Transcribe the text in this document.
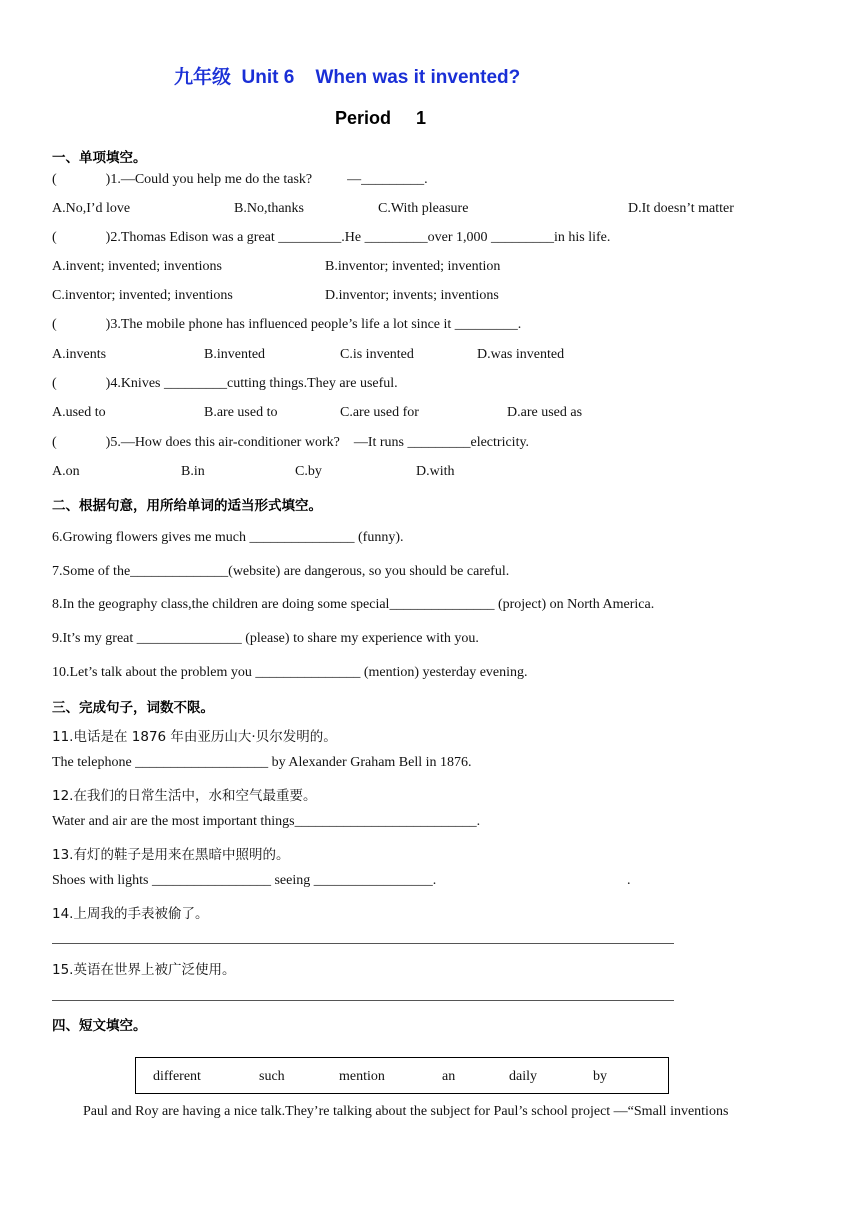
九年级  Unit 6    When was it invented?
Period     1
一、单项填空。
(              )1.—Could you help me do the task?          —_________.
A.No,I’d love	B.No,thanks	C.With pleasure	D.It doesn’t matter
(              )2.Thomas Edison was a great _________.He _________over 1,000 _________in his life.
A.invent; invented; inventions	B.inventor; invented; invention
C.inventor; invented; inventions	D.inventor; invents; inventions
(              )3.The mobile phone has influenced people’s life a lot since it _________.
A.invents	B.invented	C.is invented	D.was invented
(              )4.Knives _________cutting things.They are useful.
A.used to	B.are used to	C.are used for	D.are used as
(              )5.—How does this air-conditioner work?    —It runs _________electricity.
A.on	B.in	C.by	D.with
二、根据句意，用所给单词的适当形式填空。
6.Growing flowers gives me much _______________ (funny).
7.Some of the______________(website) are dangerous, so you should be careful.
8.In the geography class,the children are doing some special_______________ (project) on North America.
9.It’s my great _______________ (please) to share my experience with you.
10.Let’s talk about the problem you _______________ (mention) yesterday evening.
三、完成句子，词数不限。
11.电话是在 1876 年由亚历山大·贝尔发明的。
The telephone ___________________ by Alexander Graham Bell in 1876.
12.在我们的日常生活中，水和空气最重要。
Water and air are the most important things__________________________.
13.有灯的鞋子是用来在黑暗中照明的。
Shoes with lights _________________ seeing _________________.	.
14.上周我的手表被偷了。
15.英语在世界上被广泛使用。
四、短文填空。
different	such	mention	an	daily	by
Paul and Roy are having a nice talk.They’re talking about the subject for Paul’s school project —“Small inventions
